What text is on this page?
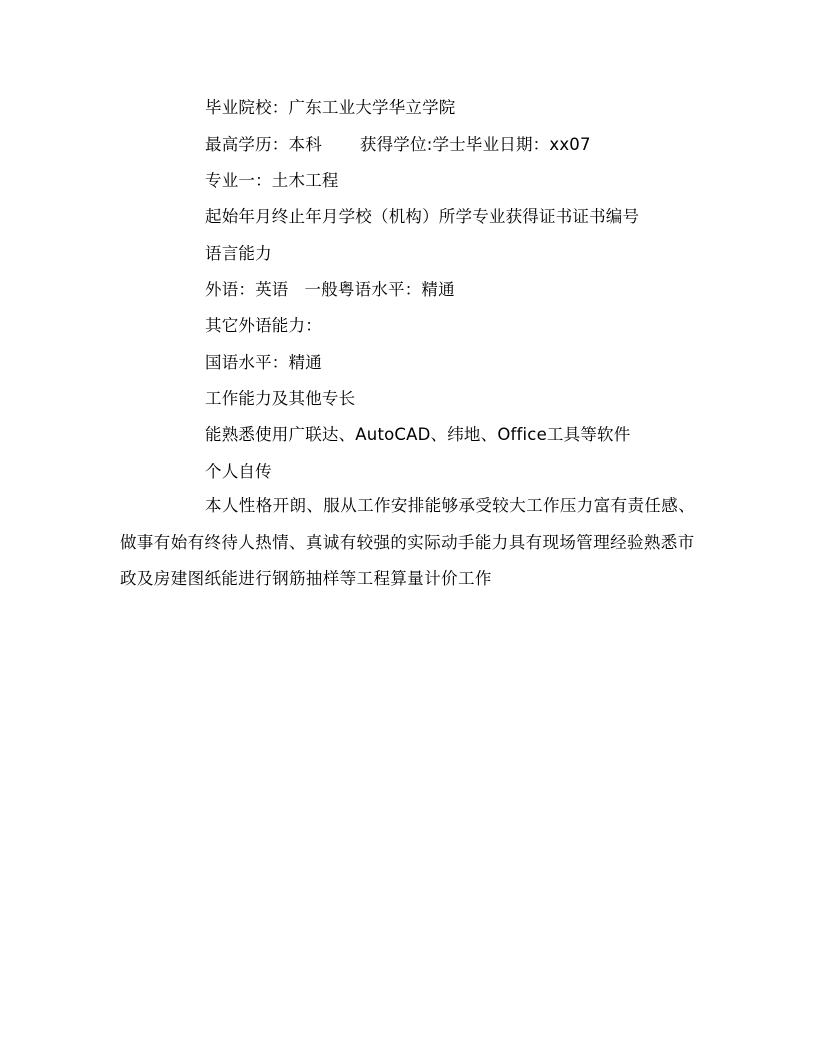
毕业院校：广东工业大学华立学院
最高学历：本科 获得学位:学士毕业日期：xx07
专业一：土木工程
起始年月终止年月学校（机构）所学专业获得证书证书编号
语言能力
外语：英语 一般粤语水平：精通
其它外语能力：
国语水平：精通
工作能力及其他专长
能熟悉使用广联达、AutoCAD、纬地、Office工具等软件
个人自传
本人性格开朗、服从工作安排能够承受较大工作压力富有责任感、做事有始有终待人热情、真诚有较强的实际动手能力具有现场管理经验熟悉市政及房建图纸能进行钢筋抽样等工程算量计价工作
